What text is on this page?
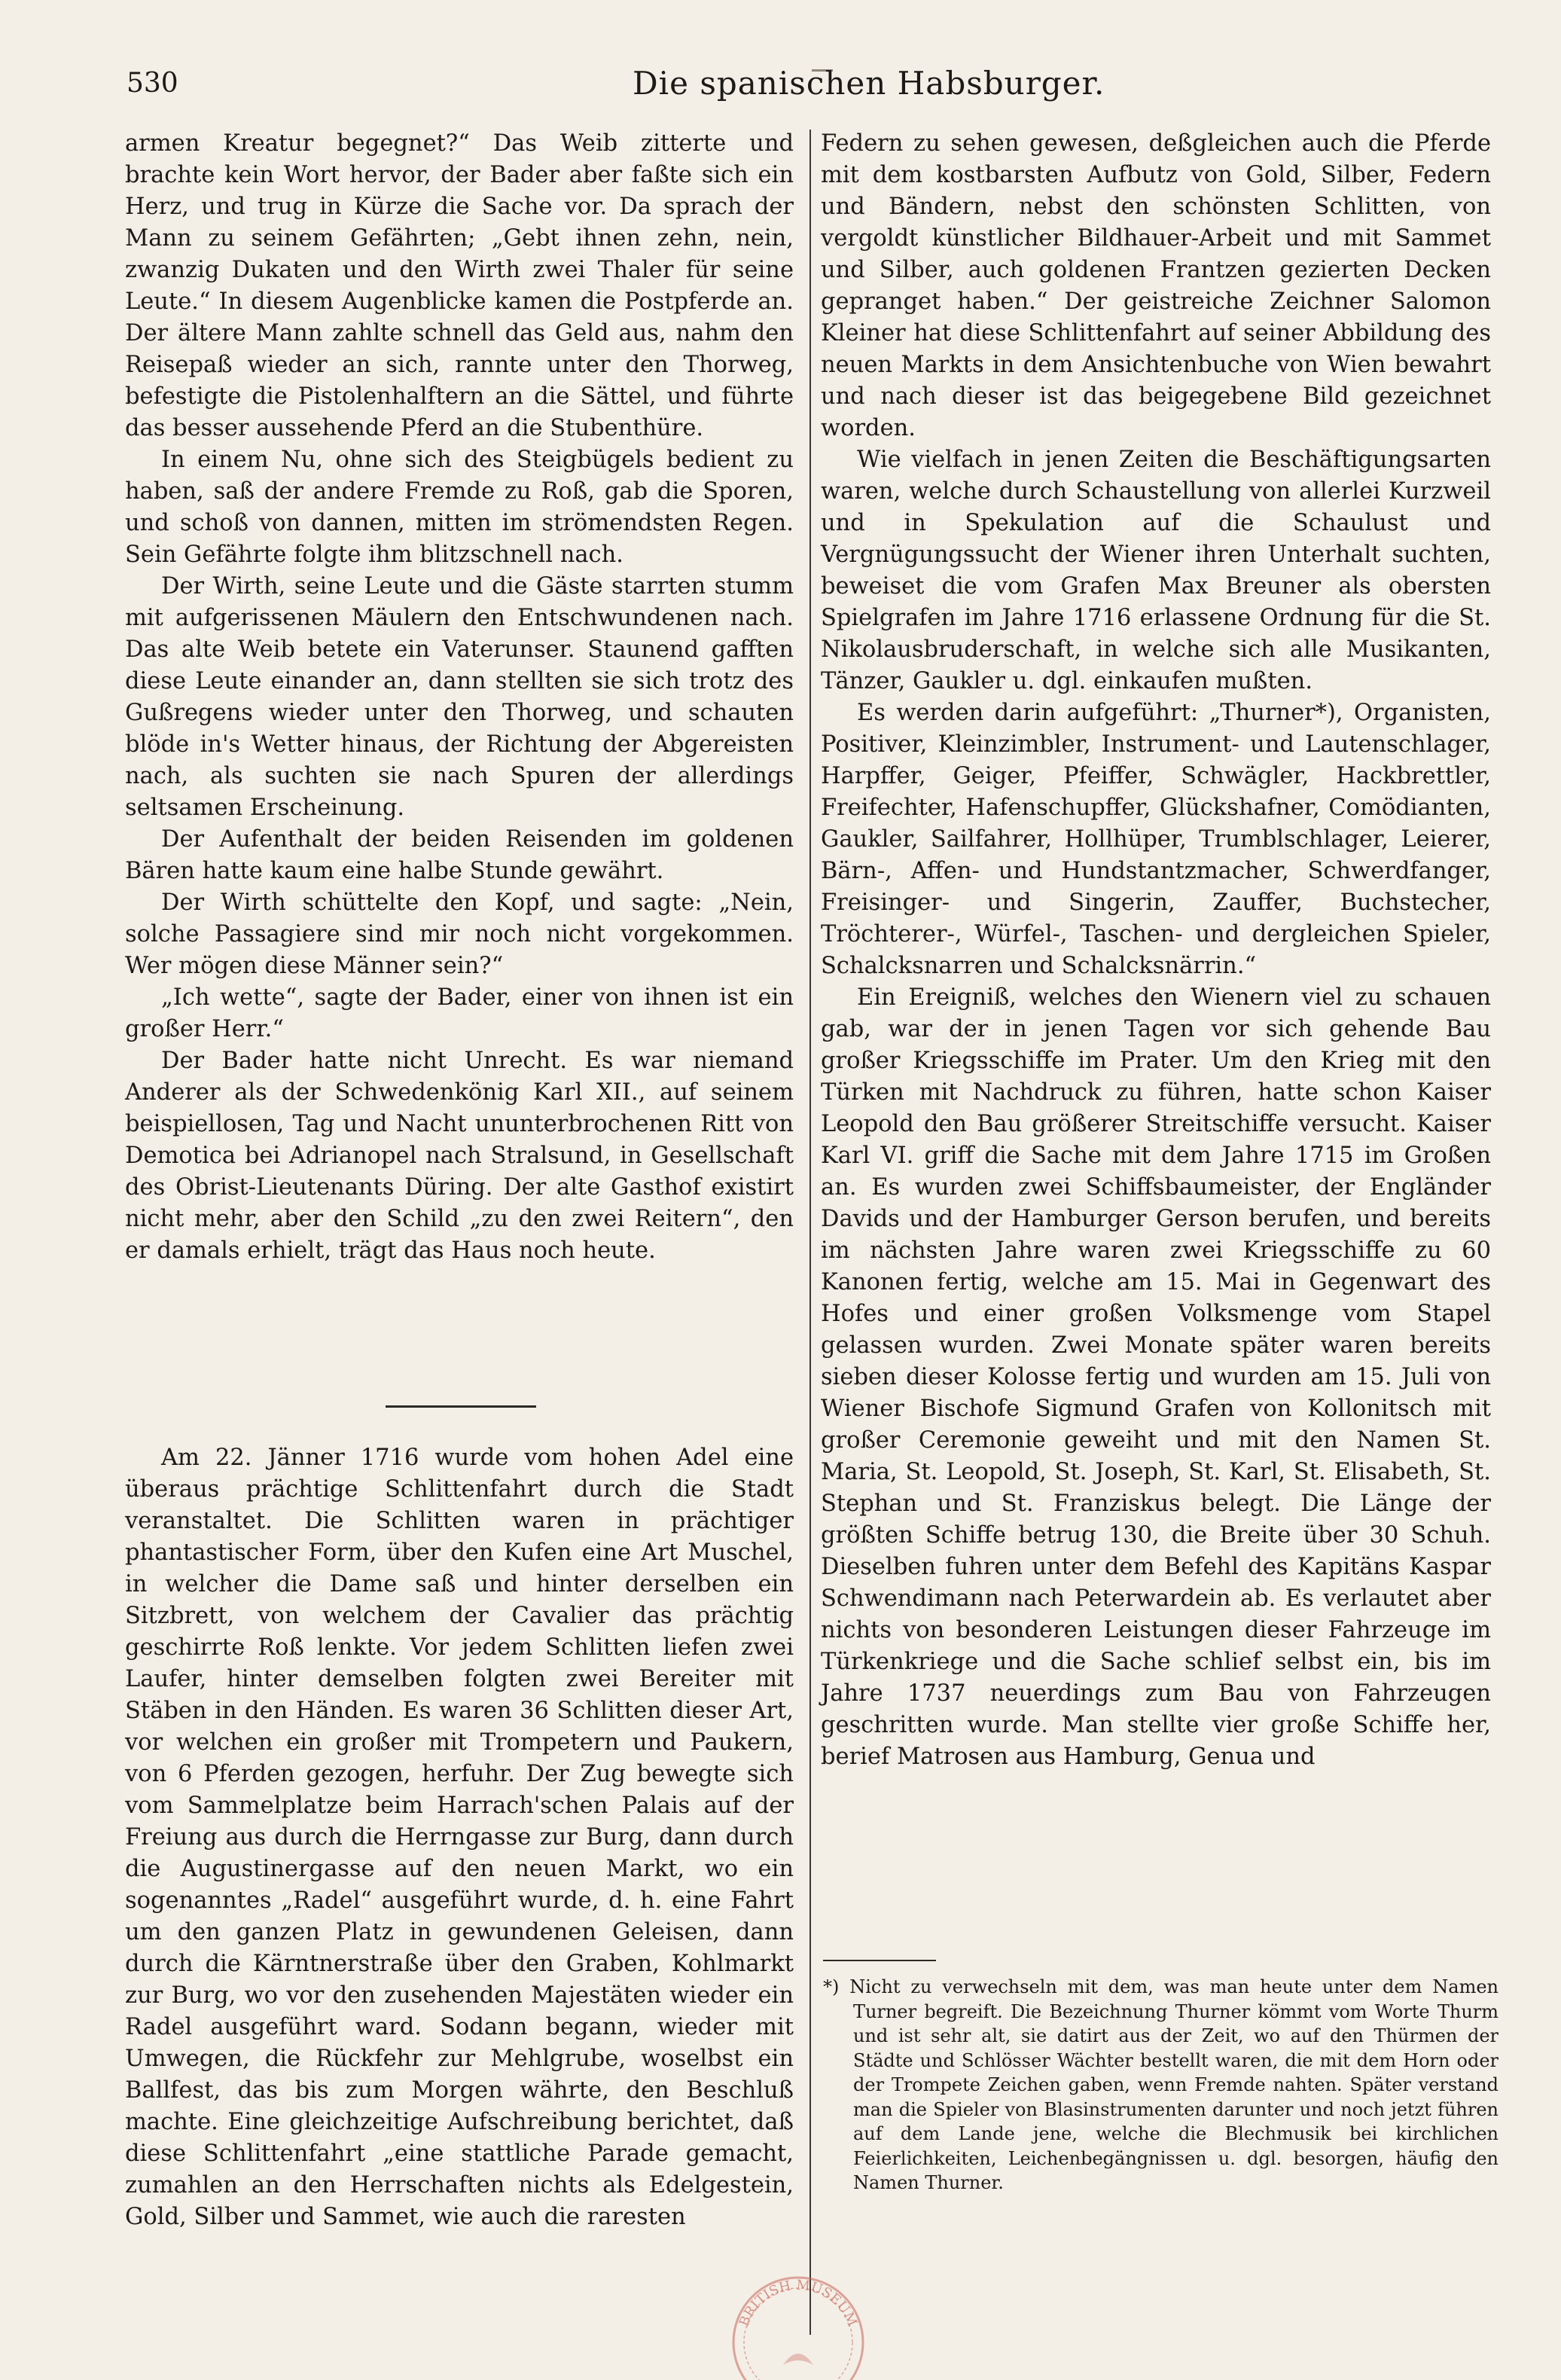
530	Die spanischen Habsburger.

armen Kreatur begegnet?“ Das Weib zitterte und brachte kein Wort hervor, der Bader aber faßte sich ein Herz, und trug in Kürze die Sache vor. Da sprach der Mann zu seinem Gefährten; „Gebt ihnen zehn, nein, zwanzig Dukaten und den Wirth zwei Thaler für seine Leute.“ In diesem Augenblicke kamen die Postpferde an. Der ältere Mann zahlte schnell das Geld aus, nahm den Reisepaß wieder an sich, rannte unter den Thorweg, befestigte die Pistolenhalftern an die Sättel, und führte das besser aussehende Pferd an die Stubenthüre.

In einem Nu, ohne sich des Steigbügels bedient zu haben, saß der andere Fremde zu Roß, gab die Sporen, und schoß von dannen, mitten im strömendsten Regen. Sein Gefährte folgte ihm blitzschnell nach.

Der Wirth, seine Leute und die Gäste starrten stumm mit aufgerissenen Mäulern den Entschwundenen nach. Das alte Weib betete ein Vaterunser. Staunend gafften diese Leute einander an, dann stellten sie sich trotz des Gußregens wieder unter den Thorweg, und schauten blöde in's Wetter hinaus, der Richtung der Abgereisten nach, als suchten sie nach Spuren der allerdings seltsamen Erscheinung.

Der Aufenthalt der beiden Reisenden im goldenen Bären hatte kaum eine halbe Stunde gewährt.

Der Wirth schüttelte den Kopf, und sagte: „Nein, solche Passagiere sind mir noch nicht vorgekommen. Wer mögen diese Männer sein?“

„Ich wette“, sagte der Bader, einer von ihnen ist ein großer Herr.“

Der Bader hatte nicht Unrecht. Es war niemand Anderer als der Schwedenkönig Karl XII., auf seinem beispiellosen, Tag und Nacht ununterbrochenen Ritt von Demotica bei Adrianopel nach Stralsund, in Gesellschaft des Obrist-Lieutenants Düring. Der alte Gasthof existirt nicht mehr, aber den Schild „zu den zwei Reitern“, den er damals erhielt, trägt das Haus noch heute.

Am 22. Jänner 1716 wurde vom hohen Adel eine überaus prächtige Schlittenfahrt durch die Stadt veranstaltet. Die Schlitten waren in prächtiger phantastischer Form, über den Kufen eine Art Muschel, in welcher die Dame saß und hinter derselben ein Sitzbrett, von welchem der Cavalier das prächtig geschirrte Roß lenkte. Vor jedem Schlitten liefen zwei Laufer, hinter demselben folgten zwei Bereiter mit Stäben in den Händen. Es waren 36 Schlitten dieser Art, vor welchen ein großer mit Trompetern und Paukern, von 6 Pferden gezogen, herfuhr. Der Zug bewegte sich vom Sammelplatze beim Harrach'schen Palais auf der Freiung aus durch die Herrngasse zur Burg, dann durch die Augustinergasse auf den neuen Markt, wo ein sogenanntes „Radel“ ausgeführt wurde, d. h. eine Fahrt um den ganzen Platz in gewundenen Geleisen, dann durch die Kärntnerstraße über den Graben, Kohlmarkt zur Burg, wo vor den zusehenden Majestäten wieder ein Radel ausgeführt ward. Sodann begann, wieder mit Umwegen, die Rückfehr zur Mehlgrube, woselbst ein Ballfest, das bis zum Morgen währte, den Beschluß machte. Eine gleichzeitige Aufschreibung berichtet, daß diese Schlittenfahrt „eine stattliche Parade gemacht, zumahlen an den Herrschaften nichts als Edelgestein, Gold, Silber und Sammet, wie auch die raresten

Federn zu sehen gewesen, deßgleichen auch die Pferde mit dem kostbarsten Aufbutz von Gold, Silber, Federn und Bändern, nebst den schönsten Schlitten, von vergoldt künstlicher Bildhauer-Arbeit und mit Sammet und Silber, auch goldenen Frantzen gezierten Decken gepranget haben.“ Der geistreiche Zeichner Salomon Kleiner hat diese Schlittenfahrt auf seiner Abbildung des neuen Markts in dem Ansichtenbuche von Wien bewahrt und nach dieser ist das beigegebene Bild gezeichnet worden.

Wie vielfach in jenen Zeiten die Beschäftigungsarten waren, welche durch Schaustellung von allerlei Kurzweil und in Spekulation auf die Schaulust und Vergnügungssucht der Wiener ihren Unterhalt suchten, beweiset die vom Grafen Max Breuner als obersten Spielgrafen im Jahre 1716 erlassene Ordnung für die St. Nikolausbruderschaft, in welche sich alle Musikanten, Tänzer, Gaukler u. dgl. einkaufen mußten.

Es werden darin aufgeführt: „Thurner*), Organisten, Positiver, Kleinzimbler, Instrument- und Lautenschlager, Harpffer, Geiger, Pfeiffer, Schwägler, Hackbrettler, Freifechter, Hafenschupffer, Glückshafner, Comödianten, Gaukler, Sailfahrer, Hollhüper, Trumblschlager, Leierer, Bärn-, Affen- und Hundstantzmacher, Schwerdfanger, Freisinger- und Singerin, Zauffer, Buchstecher, Tröchterer-, Würfel-, Taschen- und dergleichen Spieler, Schalcksnarren und Schalcksnärrin.“

Ein Ereigniß, welches den Wienern viel zu schauen gab, war der in jenen Tagen vor sich gehende Bau großer Kriegsschiffe im Prater. Um den Krieg mit den Türken mit Nachdruck zu führen, hatte schon Kaiser Leopold den Bau größerer Streitschiffe versucht. Kaiser Karl VI. griff die Sache mit dem Jahre 1715 im Großen an. Es wurden zwei Schiffsbaumeister, der Engländer Davids und der Hamburger Gerson berufen, und bereits im nächsten Jahre waren zwei Kriegsschiffe zu 60 Kanonen fertig, welche am 15. Mai in Gegenwart des Hofes und einer großen Volksmenge vom Stapel gelassen wurden. Zwei Monate später waren bereits sieben dieser Kolosse fertig und wurden am 15. Juli von Wiener Bischofe Sigmund Grafen von Kollonitsch mit großer Ceremonie geweiht und mit den Namen St. Maria, St. Leopold, St. Joseph, St. Karl, St. Elisabeth, St. Stephan und St. Franziskus belegt. Die Länge der größten Schiffe betrug 130, die Breite über 30 Schuh. Dieselben fuhren unter dem Befehl des Kapitäns Kaspar Schwendimann nach Peterwardein ab. Es verlautet aber nichts von besonderen Leistungen dieser Fahrzeuge im Türkenkriege und die Sache schlief selbst ein, bis im Jahre 1737 neuerdings zum Bau von Fahrzeugen geschritten wurde. Man stellte vier große Schiffe her, berief Matrosen aus Hamburg, Genua und

*) Nicht zu verwechseln mit dem, was man heute unter dem Namen Turner begreift. Die Bezeichnung Thurner kömmt vom Worte Thurm und ist sehr alt, sie datirt aus der Zeit, wo auf den Thürmen der Städte und Schlösser Wächter bestellt waren, die mit dem Horn oder der Trompete Zeichen gaben, wenn Fremde nahten. Später verstand man die Spieler von Blasinstrumenten darunter und noch jetzt führen auf dem Lande jene, welche die Blechmusik bei kirchlichen Feierlichkeiten, Leichenbegängnissen u. dgl. besorgen, häufig den Namen Thurner.

BRITISH MUSEUM
